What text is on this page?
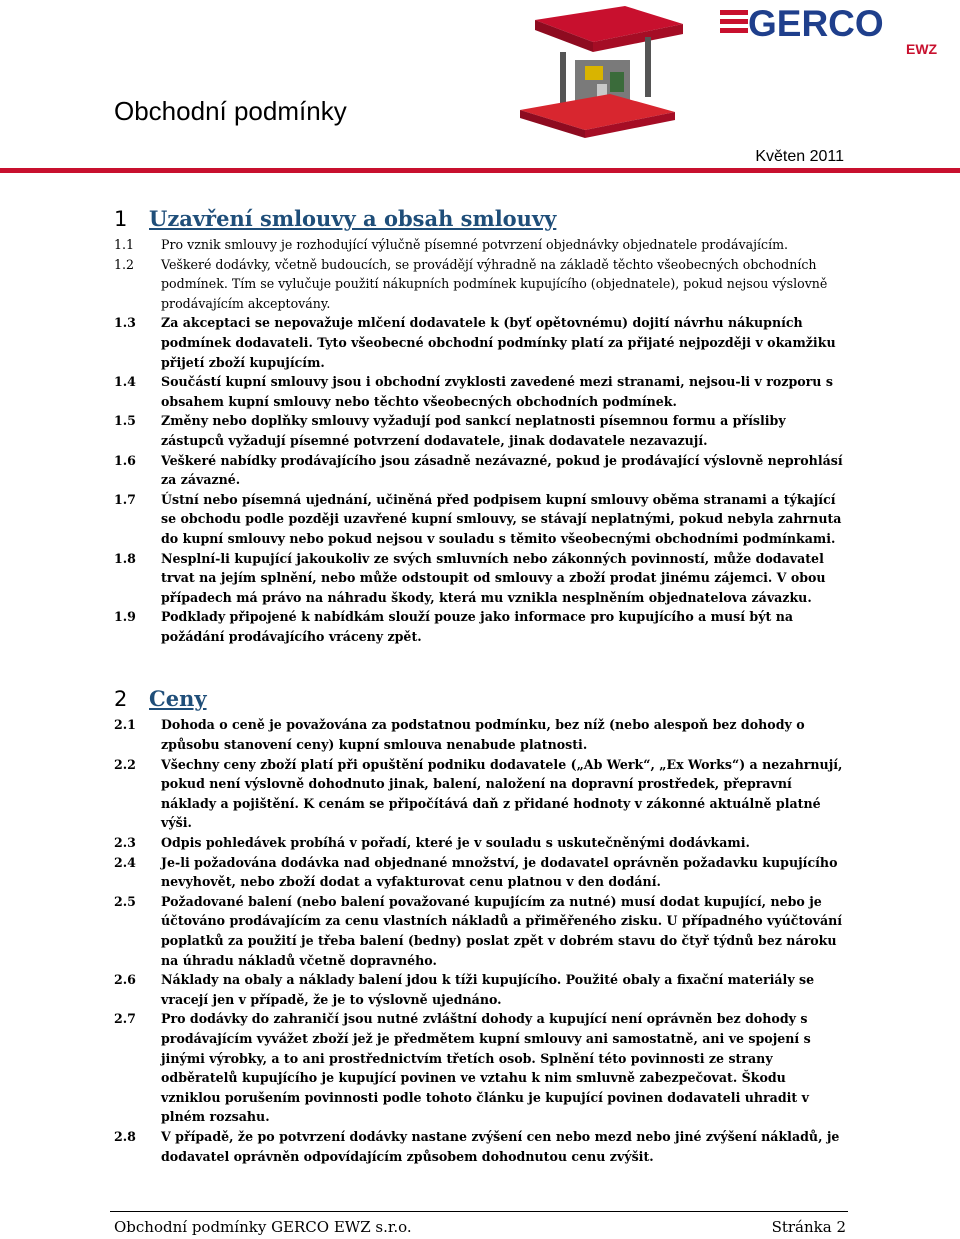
GERCO
EWZ
Obchodní podmínky
Květen 2011
1	Uzavření smlouvy a obsah smlouvy
1.1	Pro vznik smlouvy je rozhodující výlučně písemné potvrzení objednávky objednatele prodávajícím.
1.2	Veškeré dodávky, včetně budoucích, se provádějí výhradně na základě těchto všeobecných obchodních podmínek. Tím se vylučuje použití nákupních podmínek kupujícího (objednatele), pokud nejsou výslovně prodávajícím akceptovány.
1.3	Za akceptaci se nepovažuje mlčení dodavatele k (byť opětovnému) dojití návrhu nákupních podmínek dodavateli. Tyto všeobecné obchodní podmínky platí za přijaté nejpozději v okamžiku přijetí zboží kupujícím.
1.4	Součástí kupní smlouvy jsou i obchodní zvyklosti zavedené mezi stranami, nejsou-li v rozporu s obsahem kupní smlouvy nebo těchto všeobecných obchodních podmínek.
1.5	Změny nebo doplňky smlouvy vyžadují pod sankcí neplatnosti písemnou formu a přísliby zástupců vyžadují písemné potvrzení dodavatele, jinak dodavatele nezavazují.
1.6	Veškeré nabídky prodávajícího jsou zásadně nezávazné, pokud je prodávající výslovně neprohlásí za závazné.
1.7	Ústní nebo písemná ujednání, učiněná před podpisem kupní smlouvy oběma stranami a týkající se obchodu podle později uzavřené kupní smlouvy, se stávají neplatnými, pokud nebyla zahrnuta do kupní smlouvy nebo pokud nejsou v souladu s těmito všeobecnými obchodními podmínkami.
1.8	Nesplní-li kupující jakoukoliv ze svých smluvních nebo zákonných povinností, může dodavatel trvat na jejím splnění, nebo může odstoupit od smlouvy a zboží prodat jinému zájemci. V obou případech má právo na náhradu škody, která mu vznikla nesplněním objednatelova závazku.
1.9	Podklady připojené k nabídkám slouží pouze jako informace pro kupujícího a musí být na požádání prodávajícího vráceny zpět.
2	Ceny
2.1	Dohoda o ceně je považována za podstatnou podmínku, bez níž (nebo alespoň bez dohody o způsobu stanovení ceny) kupní smlouva nenabude platnosti.
2.2	Všechny ceny zboží platí při opuštění podniku dodavatele („Ab Werk“, „Ex Works“) a nezahrnují, pokud není výslovně dohodnuto jinak, balení, naložení na dopravní prostředek, přepravní náklady a pojištění. K cenám se připočítává daň z přidané hodnoty v zákonné aktuálně platné výši.
2.3	Odpis pohledávek probíhá v pořadí, které je v souladu s uskutečněnými dodávkami.
2.4	Je-li požadována dodávka nad objednané množství, je dodavatel oprávněn požadavku kupujícího nevyhovět, nebo zboží dodat a vyfakturovat cenu platnou v den dodání.
2.5	Požadované balení (nebo balení považované kupujícím za nutné) musí dodat kupující, nebo je účtováno prodávajícím za cenu vlastních nákladů a přiměřeného zisku. U případného vyúčtování poplatků za použití je třeba balení (bedny) poslat zpět v dobrém stavu do čtyř týdnů bez nároku na úhradu nákladů včetně dopravného.
2.6	Náklady na obaly a náklady balení jdou k tíži kupujícího. Použité obaly a fixační materiály se vracejí jen v případě, že je to výslovně ujednáno.
2.7	Pro dodávky do zahraničí jsou nutné zvláštní dohody a kupující není oprávněn bez dohody s prodávajícím vyvážet zboží jež je předmětem kupní smlouvy ani samostatně, ani ve spojení s jinými výrobky, a to ani prostřednictvím třetích osob. Splnění této povinnosti ze strany odběratelů kupujícího je kupující povinen ve vztahu k nim smluvně zabezpečovat. Škodu vzniklou porušením povinnosti podle tohoto článku je kupující povinen dodavateli uhradit v plném rozsahu.
2.8	V případě, že po potvrzení dodávky nastane zvýšení cen nebo mezd nebo jiné zvýšení nákladů, je dodavatel oprávněn odpovídajícím způsobem dohodnutou cenu zvýšit.
Obchodní podmínky GERCO EWZ s.r.o.	Stránka 2
